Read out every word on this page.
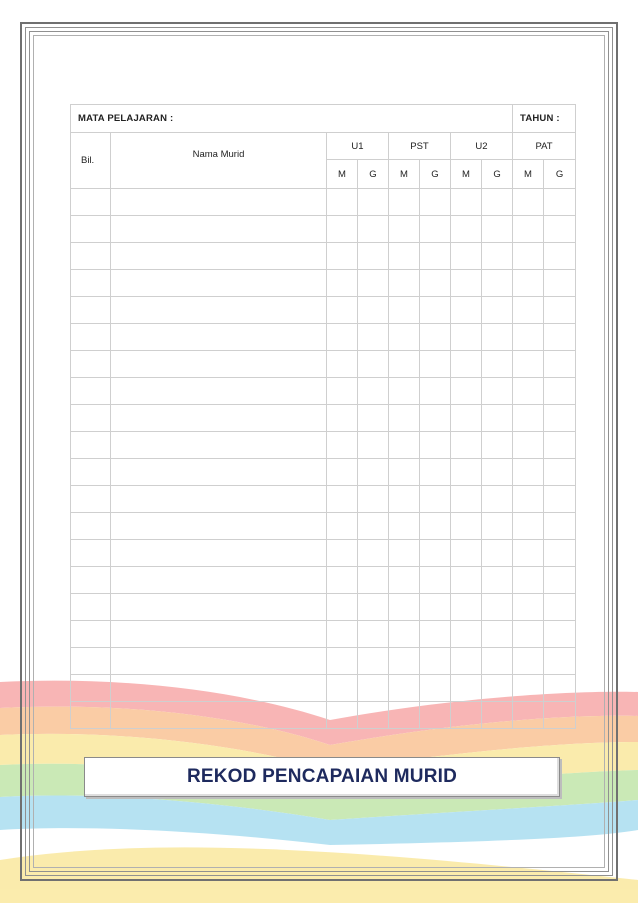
MATA PELAJARAN :								TAHUN :	
Bil.	Nama Murid	U1		PST		U2		PAT	
		M	G	M	G	M	G	M	G

REKOD PENCAPAIAN MURID
